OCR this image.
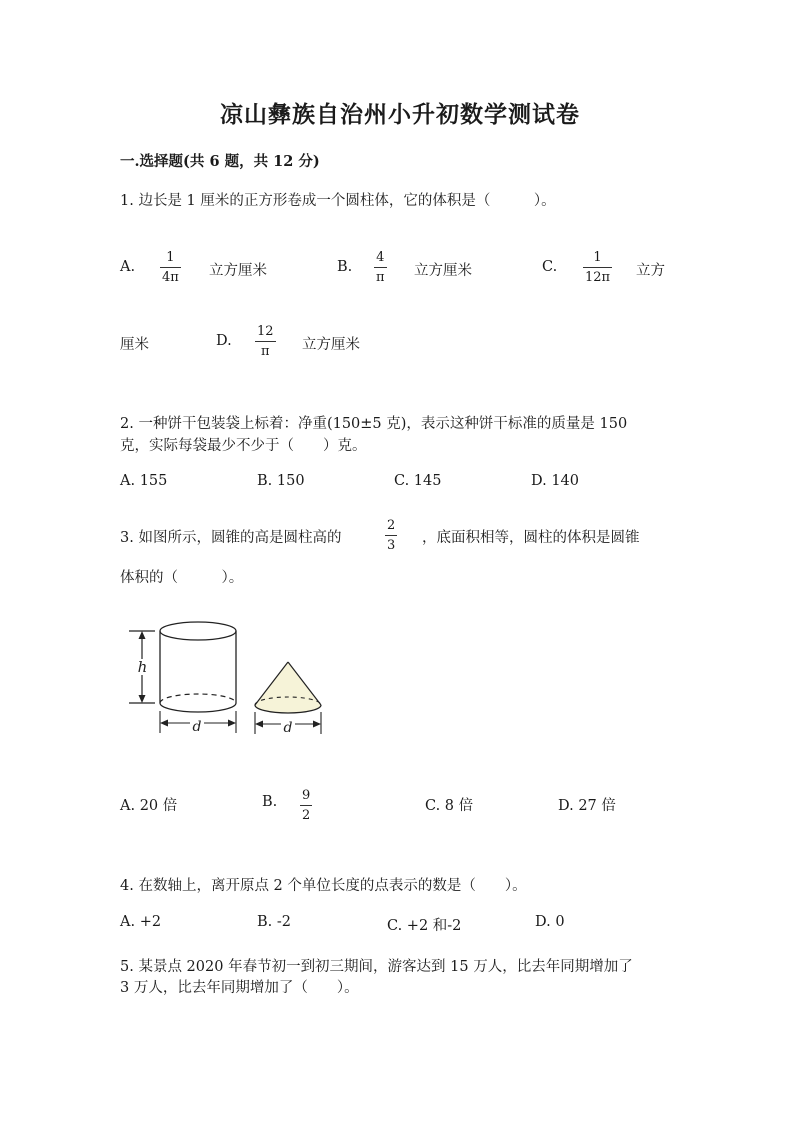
凉山彝族自治州小升初数学测试卷
一.选择题(共 6 题，共 12 分)
1. 边长是 1 厘米的正方形卷成一个圆柱体，它的体积是（　　　）。
A.
1
4π 立方厘米	B.
4
π 立方厘米	C.
1
12π 立方
厘米	D.
12
π 立方厘米
2. 一种饼干包装袋上标着：净重(150±5 克)，表示这种饼干标准的质量是 150
克，实际每袋最少不少于（　　）克。
A. 155	B. 150	C. 145	D. 140
3. 如图所示，圆锥的高是圆柱高的
2
3 ，底面积相等，圆柱的体积是圆锥
体积的（　　　）。
h
d	d
A. 20 倍	B. 9
2
C. 8 倍	D. 27 倍
4. 在数轴上，离开原点 2 个单位长度的点表示的数是（　　）。
A. +2	B. -2	C. +2 和-2	D. 0
5. 某景点 2020 年春节初一到初三期间，游客达到 15 万人，比去年同期增加了
3 万人，比去年同期增加了（　　）。
